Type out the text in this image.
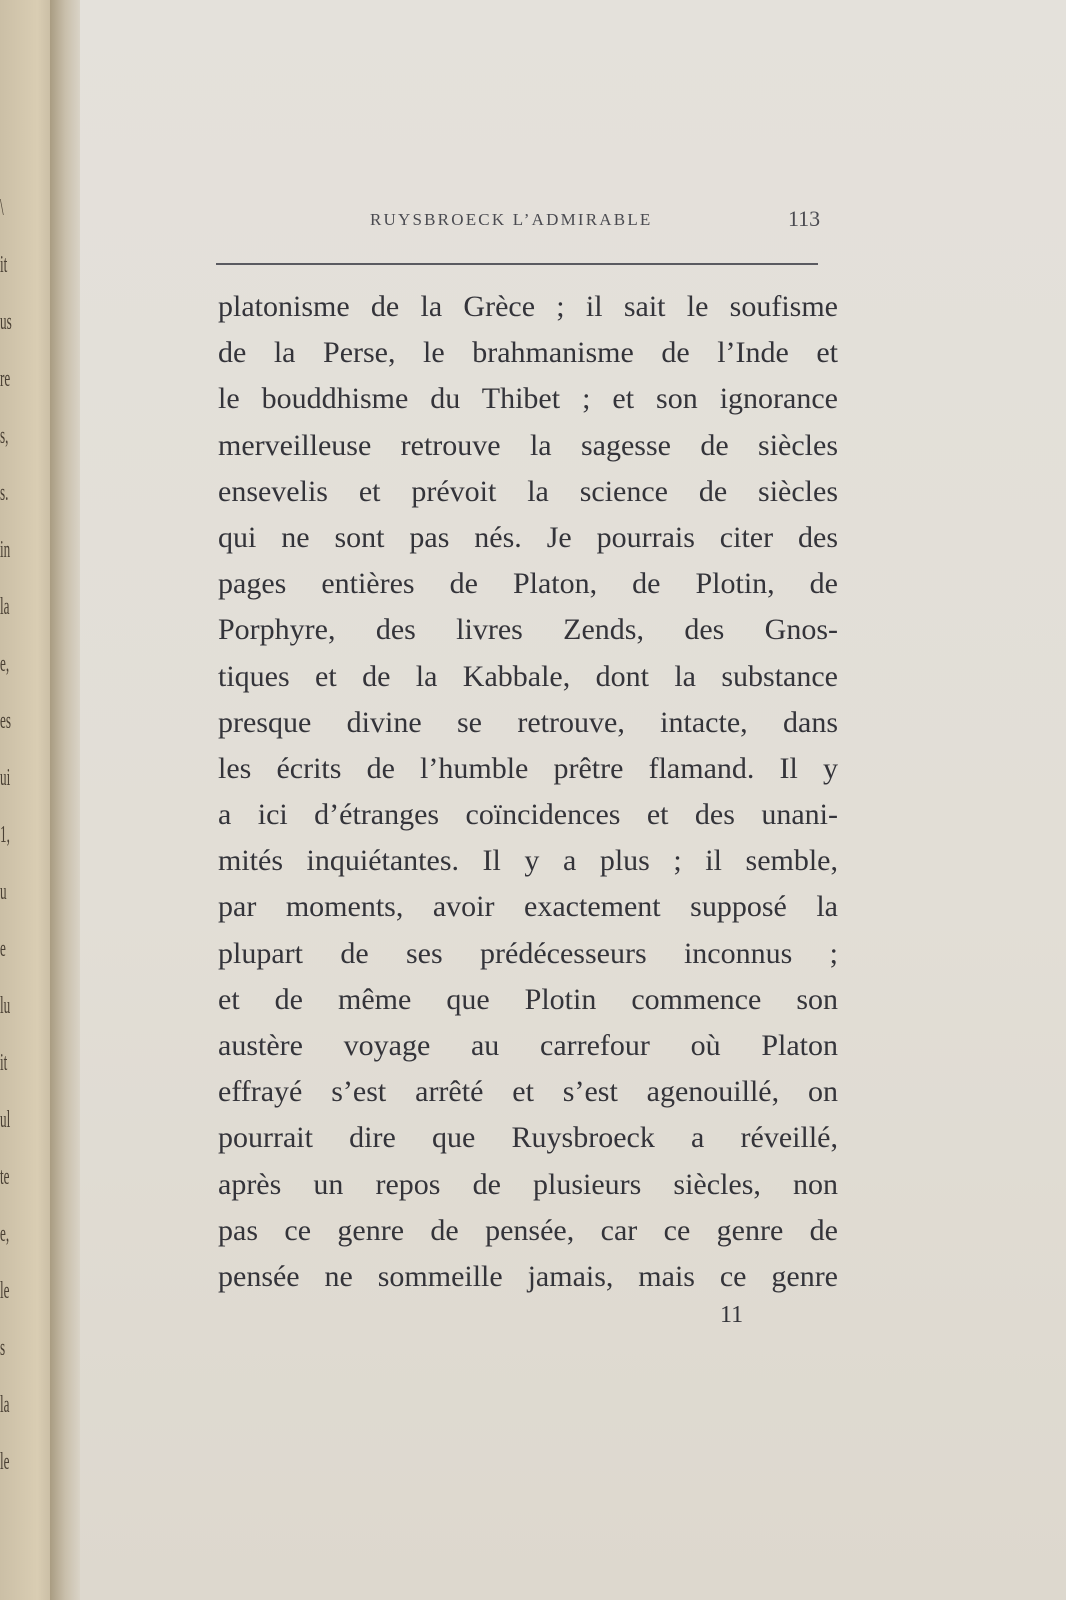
\
it
us
re
s,
s.
in
la
e,
es
ui
1,
u
e
lu
it
ul
te
e,
le
s
la
le
RUYSBROECK L’ADMIRABLE	113
platonisme de la Grèce ; il sait le soufisme
de la Perse, le brahmanisme de l’Inde et
le bouddhisme du Thibet ; et son ignorance
merveilleuse retrouve la sagesse de siècles
ensevelis et prévoit la science de siècles
qui ne sont pas nés. Je pourrais citer des
pages entières de Platon, de Plotin, de
Porphyre, des livres Zends, des Gnos-
tiques et de la Kabbale, dont la substance
presque divine se retrouve, intacte, dans
les écrits de l’humble prêtre flamand. Il y
a ici d’étranges coïncidences et des unani-
mités inquiétantes. Il y a plus ; il semble,
par moments, avoir exactement supposé la
plupart de ses prédécesseurs inconnus ;
et de même que Plotin commence son
austère voyage au carrefour où Platon
effrayé s’est arrêté et s’est agenouillé, on
pourrait dire que Ruysbroeck a réveillé,
après un repos de plusieurs siècles, non
pas ce genre de pensée, car ce genre de
pensée ne sommeille jamais, mais ce genre
11
